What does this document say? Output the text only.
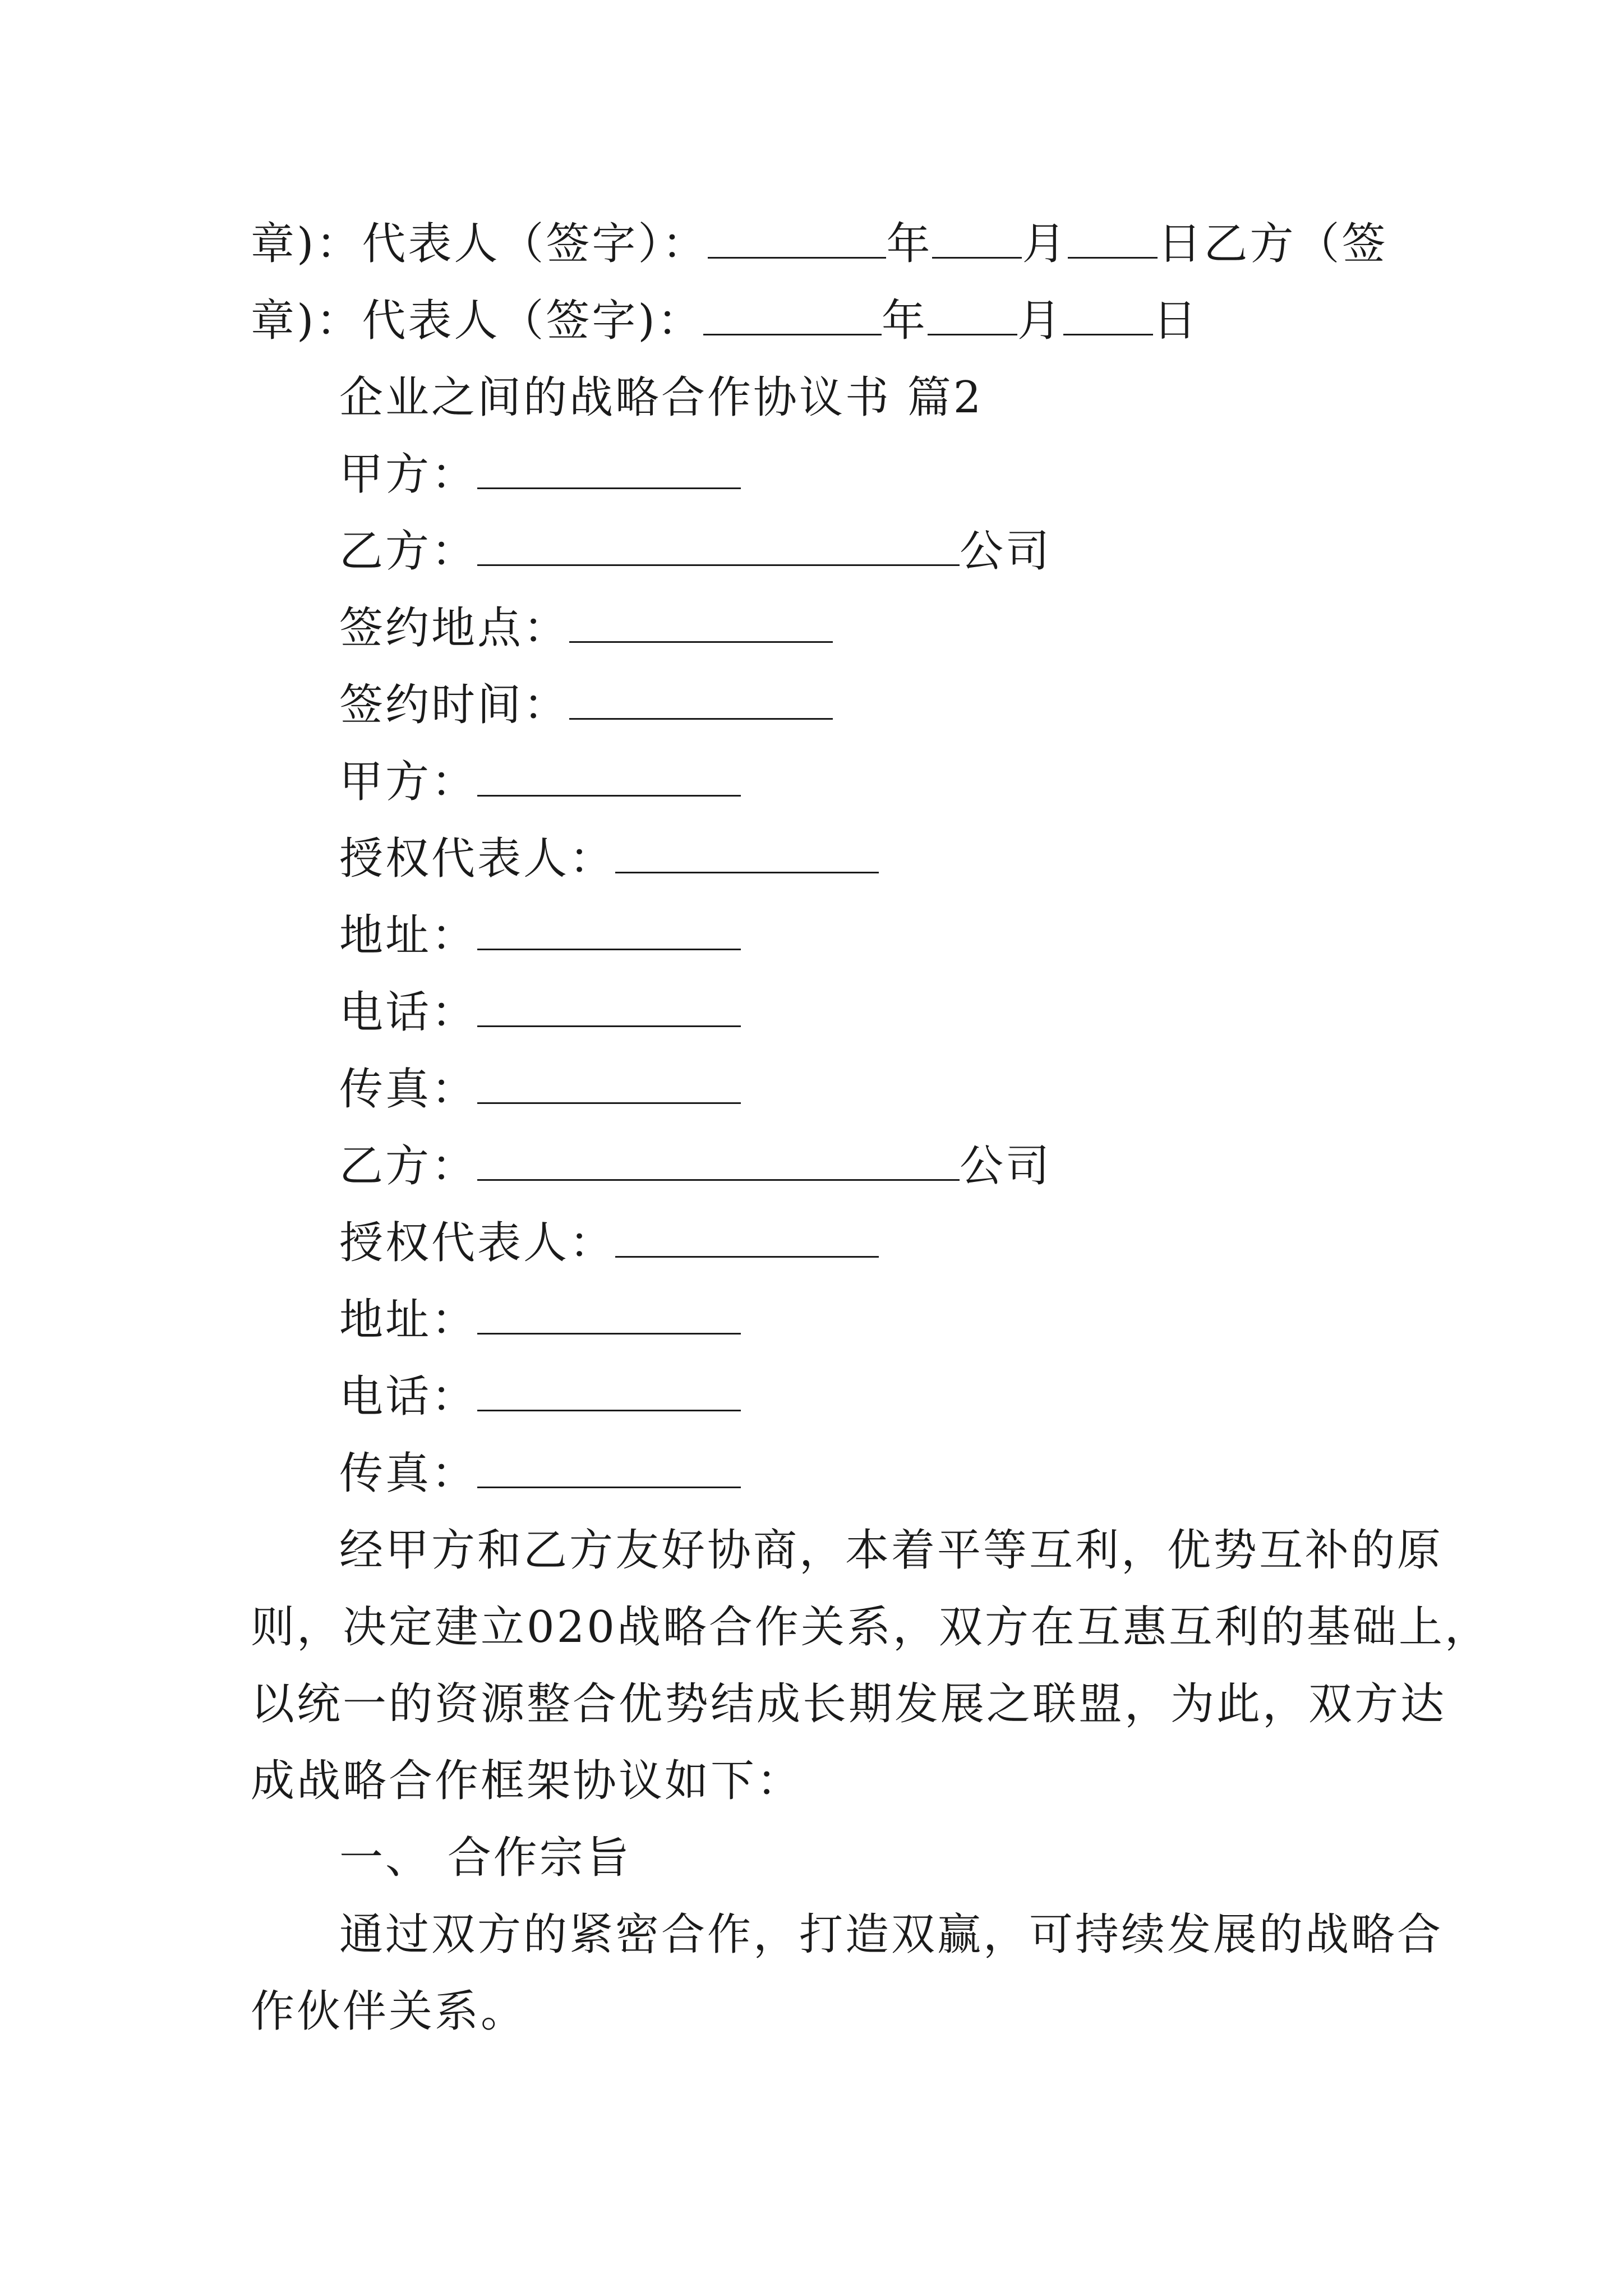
章)：代表人（签字）：	年 月 日乙方（签
章)：代表人（签字)：	年 月 日
企业之间的战略合作协议书 篇2
甲方：
乙方：	公司
签约地点：
签约时间：
甲方：
授权代表人：
地址：
电话：
传真：
乙方：	公司
授权代表人：
地址：
电话：
传真：
经甲方和乙方友好协商，本着平等互利，优势互补的原
则，决定建立020战略合作关系，双方在互惠互利的基础上，
以统一的资源整合优势结成长期发展之联盟，为此，双方达
成战略合作框架协议如下：
一、 合作宗旨
通过双方的紧密合作，打造双赢，可持续发展的战略合
作伙伴关系。
